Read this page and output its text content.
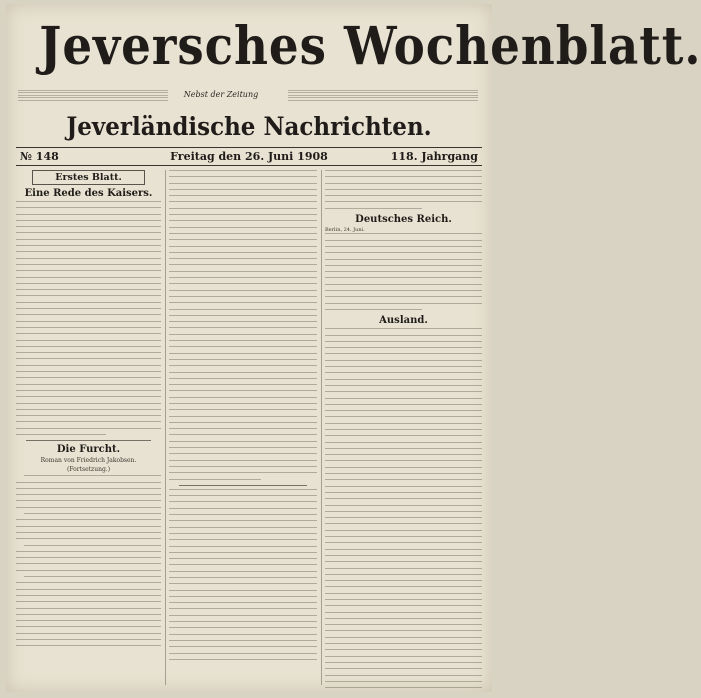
Jeversches Wochenblatt.
Nebst der Zeitung
Jeverländische Nachrichten.
№ 148	Freitag den 26. Juni 1908	118. Jahrgang
Erstes Blatt.
Eine Rede des Kaisers.
Die Furcht.
Roman von Friedrich Jakobsen.
(Fortsetzung.)
Deutsches Reich.
Berlin, 24. Juni.
Ausland.
